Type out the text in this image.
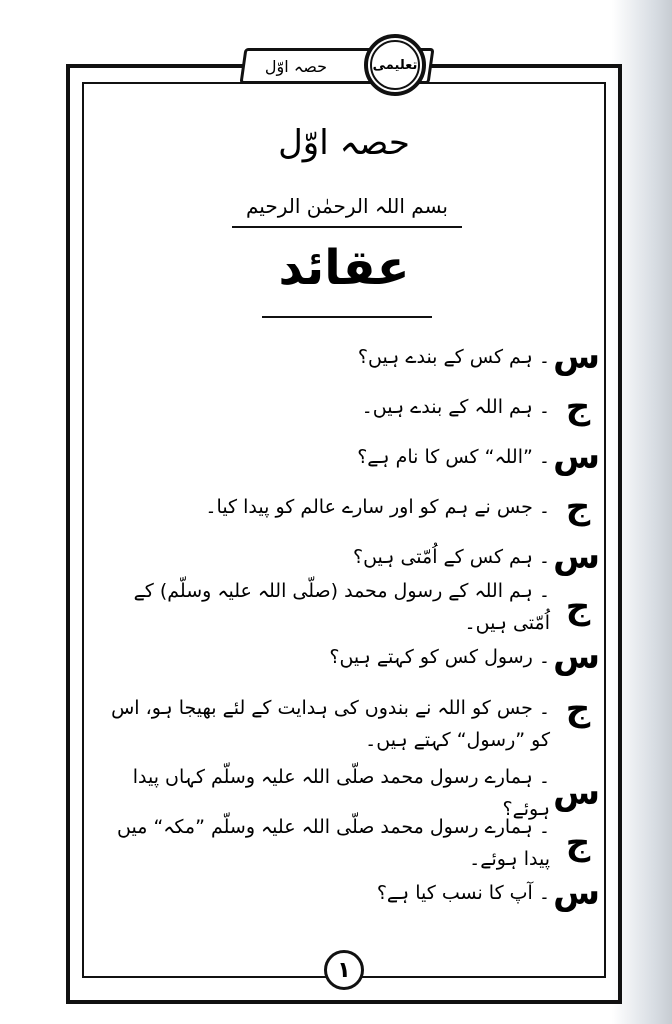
حصہ اوّل	تعلیمی
حصہ اوّل
بسم اللہ الرحمٰن الرحیم
عقائد
س
۔ ہم کس کے بندے ہیں؟
ج
۔ ہم اللہ کے بندے ہیں۔
س
۔ ”اللہ“ کس کا نام ہے؟
ج
۔ جس نے ہم کو اور سارے عالم کو پیدا کیا۔
س
۔ ہم کس کے اُمّتی ہیں؟
ج
۔ ہم اللہ کے رسول محمد (صلّی اللہ علیہ وسلّم) کے اُمّتی ہیں۔
س
۔ رسول کس کو کہتے ہیں؟
ج
۔ جس کو اللہ نے بندوں کی ہدایت کے لئے بھیجا ہو، اس کو ”رسول“ کہتے ہیں۔
س
۔ ہمارے رسول محمد صلّی اللہ علیہ وسلّم کہاں پیدا ہوئے؟
ج
۔ ہمارے رسول محمد صلّی اللہ علیہ وسلّم ”مکہ“ میں پیدا ہوئے۔
س
۔ آپ کا نسب کیا ہے؟
۱
